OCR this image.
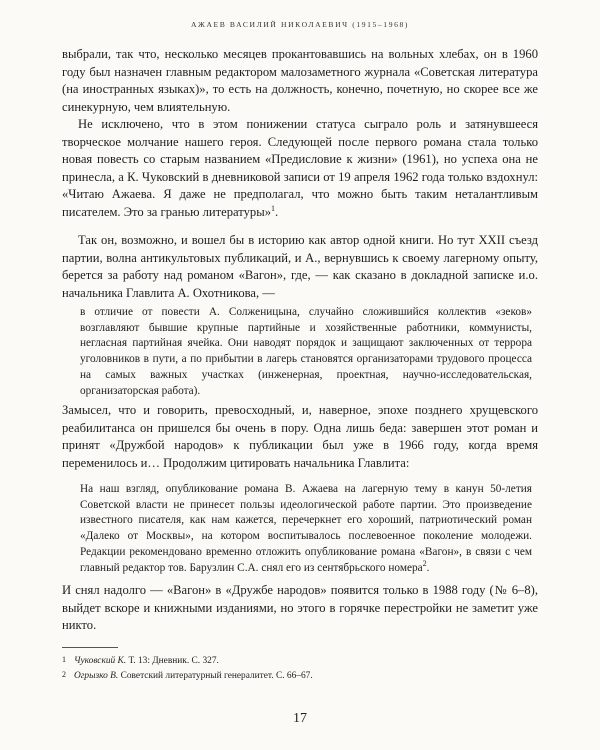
АЖАЕВ ВАСИЛИЙ НИКОЛАЕВИЧ (1915–1968)

выбрали, так что, несколько месяцев прокантовавшись на вольных хлебах, он в 1960 году был назначен главным редактором малозаметного журнала «Советская литература (на иностранных языках)», то есть на должность, конечно, почетную, но скорее все же синекурную, чем влиятельную.

Не исключено, что в этом понижении статуса сыграло роль и затянувшееся творческое молчание нашего героя. Следующей после первого романа стала только новая повесть со старым названием «Предисловие к жизни» (1961), но успеха она не принесла, а К. Чуковский в дневниковой записи от 19 апреля 1962 года только вздохнул: «Читаю Ажаева. Я даже не предполагал, что можно быть таким неталантливым писателем. Это за гранью литературы»$^1$.

Так он, возможно, и вошел бы в историю как автор одной книги. Но тут XXII съезд партии, волна антикультовых публикаций, и А., вернувшись к своему лагерному опыту, берется за работу над романом «Вагон», где, — как сказано в докладной записке и.о. начальника Главлита А. Охотникова, —

в отличие от повести А. Солженицына, случайно сложившийся коллектив «зеков» возглавляют бывшие крупные партийные и хозяйственные работники, коммунисты, негласная партийная ячейка. Они наводят порядок и защищают заключенных от террора уголовников в пути, а по прибытии в лагерь становятся организаторами трудового процесса на самых важных участках (инженерная, проектная, научно-исследовательская, организаторская работа).

Замысел, что и говорить, превосходный, и, наверное, эпохе позднего хрущевского реабилитанса он пришелся бы очень в пору. Одна лишь беда: завершен этот роман и принят «Дружбой народов» к публикации был уже в 1966 году, когда время переменилось и… Продолжим цитировать начальника Главлита:

На наш взгляд, опубликование романа В. Ажаева на лагерную тему в канун 50-летия Советской власти не принесет пользы идеологической работе партии. Это произведение известного писателя, как нам кажется, перечеркнет его хороший, патриотический роман «Далеко от Москвы», на котором воспитывалось послевоенное поколение молодежи. Редакции рекомендовано временно отложить опубликование романа «Вагон», в связи с чем главный редактор тов. Барузлин С.А. снял его из сентябрьского номера$^2$.

И снял надолго — «Вагон» в «Дружбе народов» появится только в 1988 году (№ 6–8), выйдет вскоре и книжными изданиями, но этого в горячке перестройки не заметит уже никто.

1 Чуковский К. Т. 13: Дневник. С. 327.

2 Огрызко В. Советский литературный генералитет. С. 66–67.

17
